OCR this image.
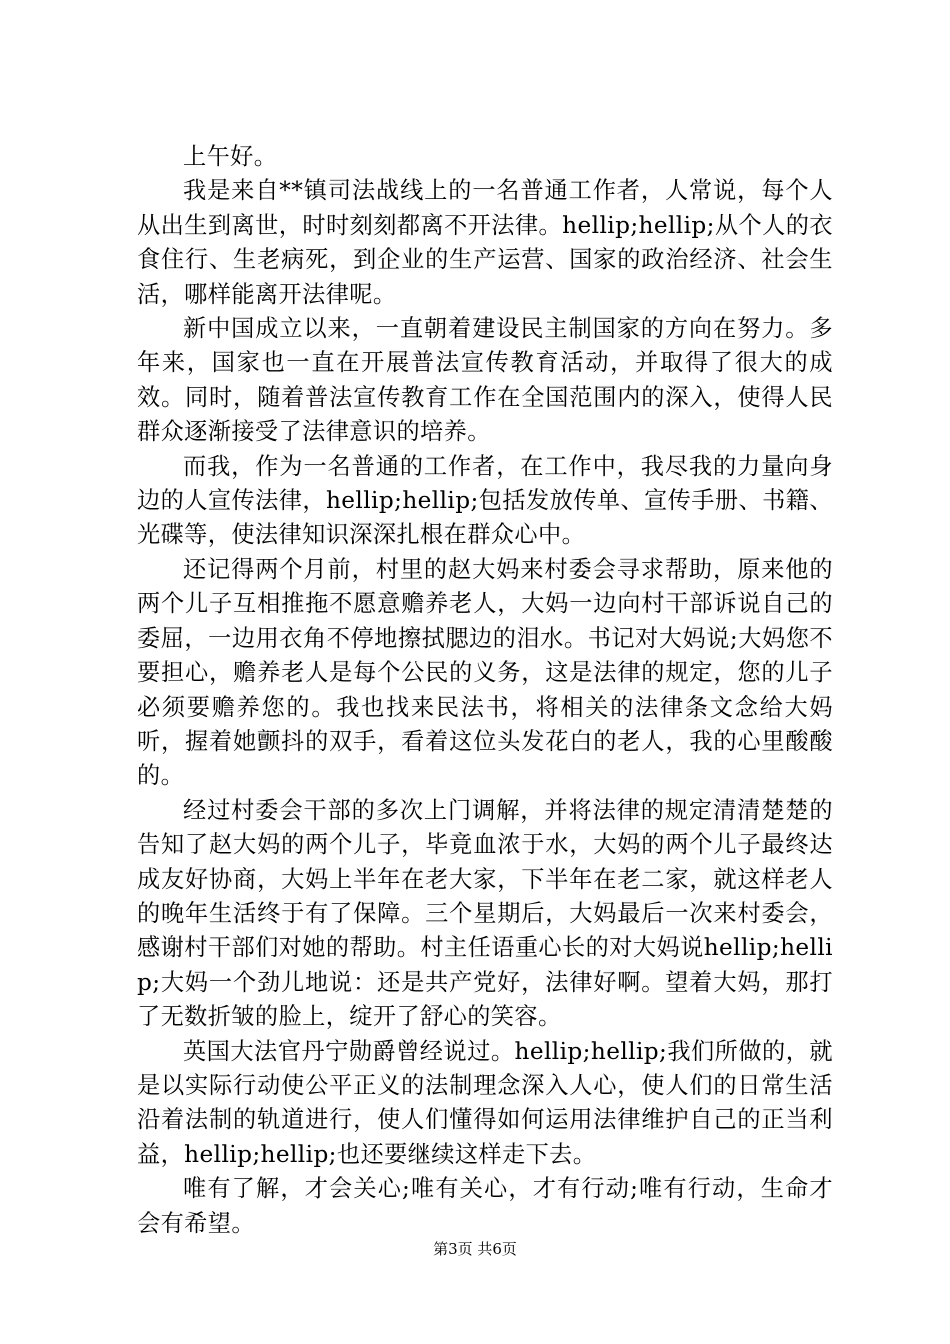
上午好。

我是来自**镇司法战线上的一名普通工作者，人常说，每个人从出生到离世，时时刻刻都离不开法律。hellip;hellip;从个人的衣食住行、生老病死，到企业的生产运营、国家的政治经济、社会生活，哪样能离开法律呢。

新中国成立以来，一直朝着建设民主制国家的方向在努力。多年来，国家也一直在开展普法宣传教育活动，并取得了很大的成效。同时，随着普法宣传教育工作在全国范围内的深入，使得人民群众逐渐接受了法律意识的培养。

而我，作为一名普通的工作者，在工作中，我尽我的力量向身边的人宣传法律，hellip;hellip;包括发放传单、宣传手册、书籍、光碟等，使法律知识深深扎根在群众心中。

还记得两个月前，村里的赵大妈来村委会寻求帮助，原来他的两个儿子互相推拖不愿意赡养老人，大妈一边向村干部诉说自己的委屈，一边用衣角不停地擦拭腮边的泪水。书记对大妈说;大妈您不要担心，赡养老人是每个公民的义务，这是法律的规定，您的儿子必须要赡养您的。我也找来民法书，将相关的法律条文念给大妈听，握着她颤抖的双手，看着这位头发花白的老人，我的心里酸酸的。

经过村委会干部的多次上门调解，并将法律的规定清清楚楚的告知了赵大妈的两个儿子，毕竟血浓于水，大妈的两个儿子最终达成友好协商，大妈上半年在老大家，下半年在老二家，就这样老人的晚年生活终于有了保障。三个星期后，大妈最后一次来村委会，感谢村干部们对她的帮助。村主任语重心长的对大妈说hellip;hellip;大妈一个劲儿地说：还是共产党好，法律好啊。望着大妈，那打了无数折皱的脸上，绽开了舒心的笑容。

英国大法官丹宁勋爵曾经说过。hellip;hellip;我们所做的，就是以实际行动使公平正义的法制理念深入人心，使人们的日常生活沿着法制的轨道进行，使人们懂得如何运用法律维护自己的正当利益，hellip;hellip;也还要继续这样走下去。

唯有了解，才会关心;唯有关心，才有行动;唯有行动，生命才会有希望。

第3页 共6页
